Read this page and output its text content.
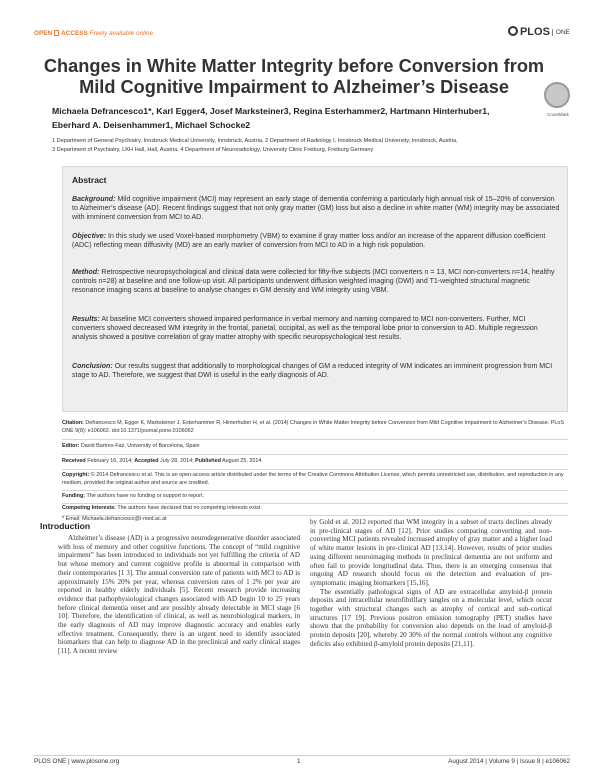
OPEN ACCESS Freely available online	PLOS ONE
Changes in White Matter Integrity before Conversion from Mild Cognitive Impairment to Alzheimer’s Disease
CrossMark
Michaela Defrancesco1*, Karl Egger4, Josef Marksteiner3, Regina Esterhammer2, Hartmann Hinterhuber1,
Eberhard A. Deisenhammer1, Michael Schocke2
1 Department of General Psychiatry, Innsbruck Medical University, Innsbruck, Austria, 2 Department of Radiology I, Innsbruck Medical University, Innsbruck, Austria,
3 Department of Psychiatry, LKH Hall, Hall, Austria, 4 Department of Neuroradiology, University Clinic Freiburg, Freiburg Germany
Abstract
Background: Mild cognitive impairment (MCI) may represent an early stage of dementia conferring a particularly high annual risk of 15–20% of conversion to Alzheimer’s disease (AD). Recent findings suggest that not only gray matter (GM) loss but also a decline in white matter (WM) integrity may be associated with imminent conversion from MCI to AD.
Objective: In this study we used Voxel-based morphometry (VBM) to examine if gray matter loss and/or an increase of the apparent diffusion coefficient (ADC) reflecting mean diffusivity (MD) are an early marker of conversion from MCI to AD in a high risk population.
Method: Retrospective neuropsychological and clinical data were collected for fifty-five subjects (MCI converters n = 13, MCI non-converters n=14, healthy controls n=28) at baseline and one follow-up visit. All participants underwent diffusion weighted imaging (DWI) and T1-weighted structural magnetic resonance imaging scans at baseline to analyse changes in GM density and WM integrity using VBM.
Results: At baseline MCI converters showed impaired performance in verbal memory and naming compared to MCI non-converters. Further, MCI converters showed decreased WM integrity in the frontal, parietal, occipital, as well as the temporal lobe prior to conversion to AD. Multiple regression analysis showed a positive correlation of gray matter atrophy with specific neuropsychological test results.
Conclusion: Our results suggest that additionally to morphological changes of GM a reduced integrity of WM indicates an imminent progression from MCI stage to AD. Therefore, we suggest that DWI is useful in the early diagnosis of AD.
Citation: Defrancesco M, Egger K, Marksteiner J, Esterhammer R, Hinterhuber H, et al. (2014) Changes in White Matter Integrity before Conversion from Mild Cognitive Impairment to Alzheimer’s Disease. PLoS ONE 9(8): e106062. doi:10.1371/journal.pone.0106062
Editor: David Bartres-Faz, University of Barcelona, Spain
Received February 16, 2014; Accepted July 28, 2014; Published August 25, 2014
Copyright: © 2014 Defrancesco et al. This is an open-access article distributed under the terms of the Creative Commons Attribution License, which permits unrestricted use, distribution, and reproduction in any medium, provided the original author and source are credited.
Funding: The authors have no funding or support to report.
Competing Interests: The authors have declared that no competing interests exist.
* Email: Michaela.defrancesco@i-med.ac.at
Introduction

Alzheimer’s disease (AD) is a progressive neurodegenerative disorder associated with loss of memory and other cognitive functions. The concept of “mild cognitive impairment” has been introduced to individuals not yet fulfilling the criteria of AD but whose memory and current cognitive profile is abnormal in comparison with their contemporaries [1 3]. The annual conversion rate of patients with MCI to AD is approximately 15% 20% per year, whereas conversion rates of 1 2% per year are reported in healthy elderly individuals [5]. Recent research provide increasing evidence that pathophysiological changes associated with AD begin 10 to 25 years before clinical dementia onset and are possibly already detectable in MCI stage [6 10]. Therefore, the identification of clinical, as well as neurobiological markers, in the early diagnosis of AD may improve diagnostic accuracy and enables early effective treatment. Consequently, there is an urgent need to identify associated biomarkers that can help to diagnose AD in the preclinical and early clinical stages [11]. A recent review

by Gold et al. 2012 reported that WM integrity in a subset of tracts declines already in pre-clinical stages of AD [12]. Prior studies comparing converting and non-converting MCI patients revealed increased atrophy of gray matter and a higher load of white matter lesions in pre-clinical AD [13,14]. However, results of prior studies using different neuroimaging methods in preclinical dementia are not uniform and often fail to provide longitudinal data. Thus, there is an emerging consensus that ongoing AD research should focus on the detection and evaluation of pre-symptomatic imaging biomarkers [15,16].

The essentially pathological signs of AD are extracellular amyloid-β protein deposits and intracellular neurofibrillary tangles on a molecular level, which occur together with structural changes such as atrophy of cortical and sub-cortical structures [17 19]. Previous positron emission tomography (PET) studies have shown that the probability for conversion also depends on the load of amyloid-β protein deposits [20], whereby 20 30% of the normal controls without any cognitive deficits also exhibited β-amyloid protein deposits [21,11].

PLOS ONE | www.plosone.org	1	August 2014 | Volume 9 | Issue 8 | e106062
